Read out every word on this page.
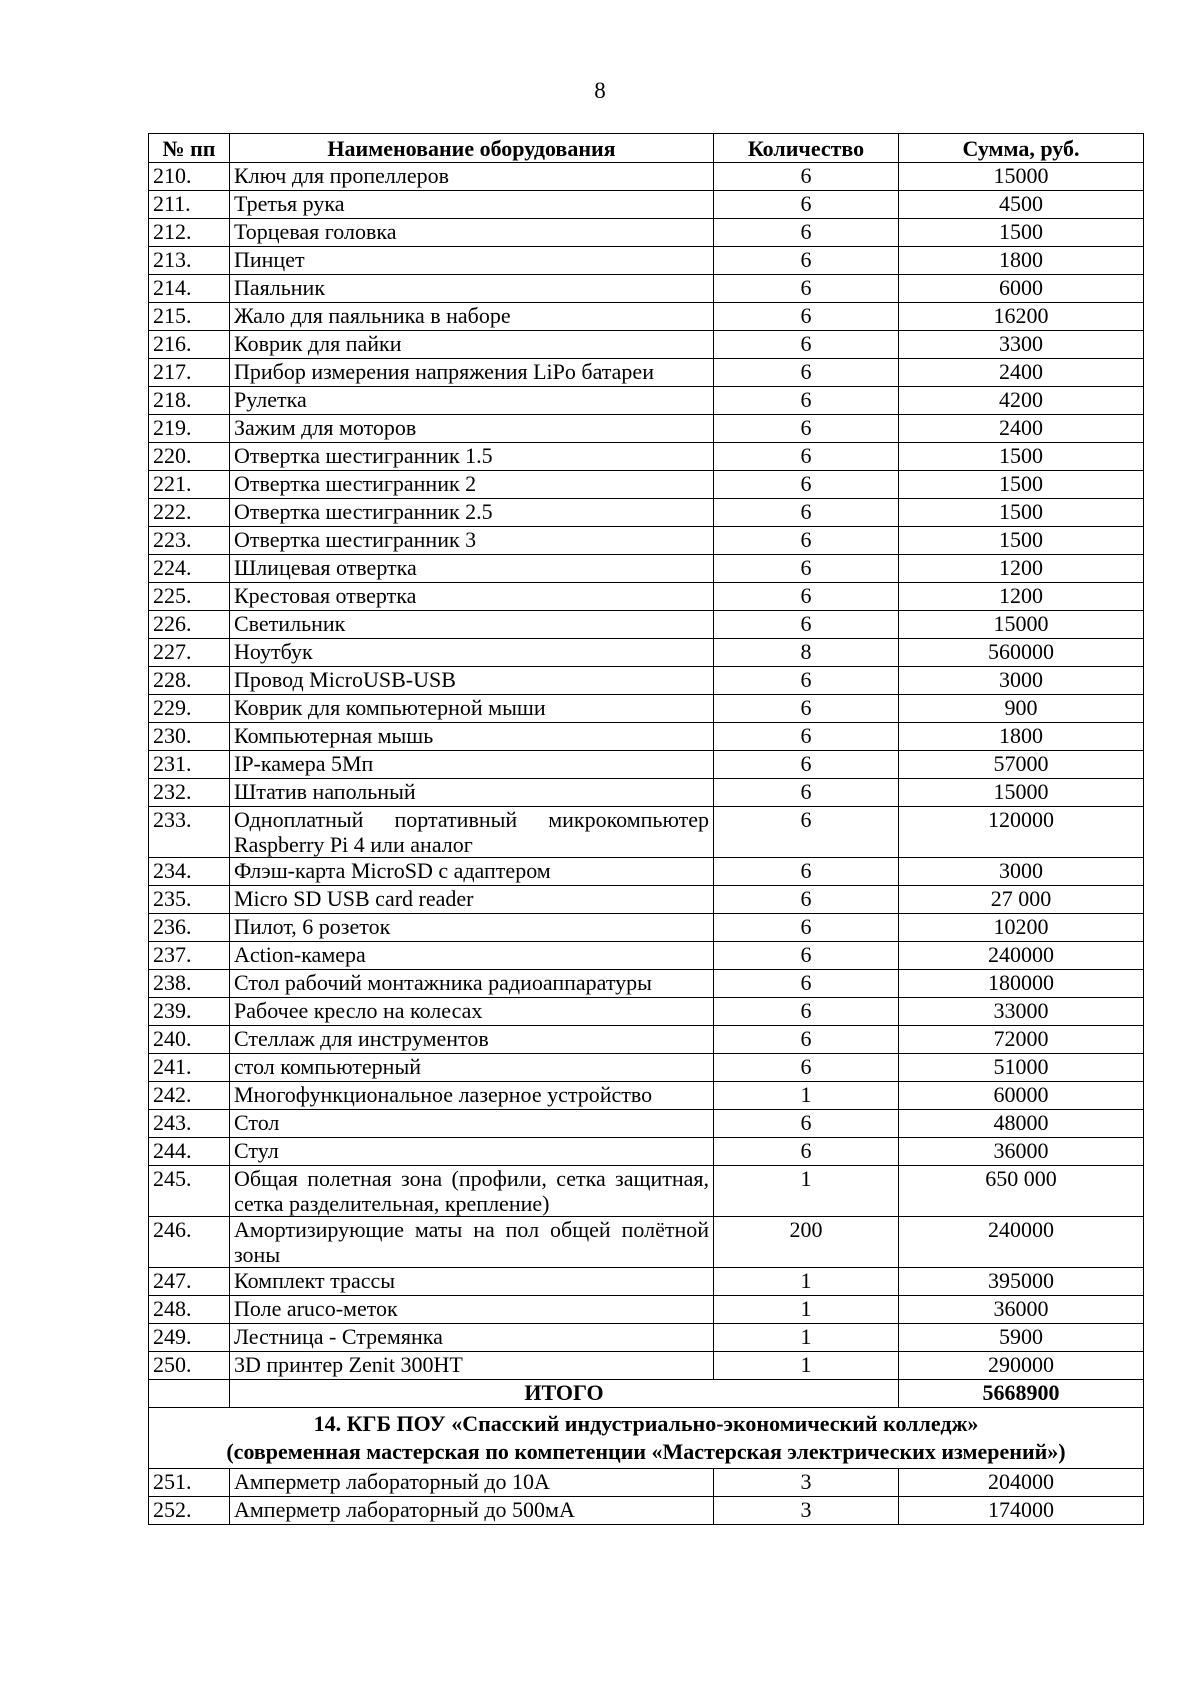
8
№ пп	Наименование оборудования	Количество	Сумма, руб.
210.	Ключ для пропеллеров	6	15000
211.	Третья рука	6	4500
212.	Торцевая головка	6	1500
213.	Пинцет	6	1800
214.	Паяльник	6	6000
215.	Жало для паяльника в наборе	6	16200
216.	Коврик для пайки	6	3300
217.	Прибор измерения напряжения LiPo батареи	6	2400
218.	Рулетка	6	4200
219.	Зажим для моторов	6	2400
220.	Отвертка шестигранник 1.5	6	1500
221.	Отвертка шестигранник 2	6	1500
222.	Отвертка шестигранник 2.5	6	1500
223.	Отвертка шестигранник 3	6	1500
224.	Шлицевая отвертка	6	1200
225.	Крестовая отвертка	6	1200
226.	Светильник	6	15000
227.	Ноутбук	8	560000
228.	Провод MicroUSB-USB	6	3000
229.	Коврик для компьютерной мыши	6	900
230.	Компьютерная мышь	6	1800
231.	IP-камера 5Мп	6	57000
232.	Штатив напольный	6	15000
233.	Одноплатный портативный микрокомпьютер Raspberry Pi 4 или аналог	6	120000
234.	Флэш-карта MicroSD с адаптером	6	3000
235.	Micro SD USB card reader	6	27 000
236.	Пилот, 6 розеток	6	10200
237.	Action-камера	6	240000
238.	Стол рабочий монтажника радиоаппаратуры	6	180000
239.	Рабочее кресло на колесах	6	33000
240.	Стеллаж для инструментов	6	72000
241.	стол компьютерный	6	51000
242.	Многофункциональное лазерное устройство	1	60000
243.	Стол	6	48000
244.	Стул	6	36000
245.	Общая полетная зона (профили, сетка защитная, сетка разделительная, крепление)	1	650 000
246.	Амортизирующие маты на пол общей полётной зоны	200	240000
247.	Комплект трассы	1	395000
248.	Поле aruco-меток	1	36000
249.	Лестница - Стремянка	1	5900
250.	3D принтер Zenit 300HT	1	290000
	ИТОГО		5668900

14. КГБ ПОУ «Спасский индустриально-экономический колледж»
(современная мастерская по компетенции «Мастерская электрических измерений»)			

251.	Амперметр лабораторный до 10А	3	204000
252.	Амперметр лабораторный до 500мА	3	174000
